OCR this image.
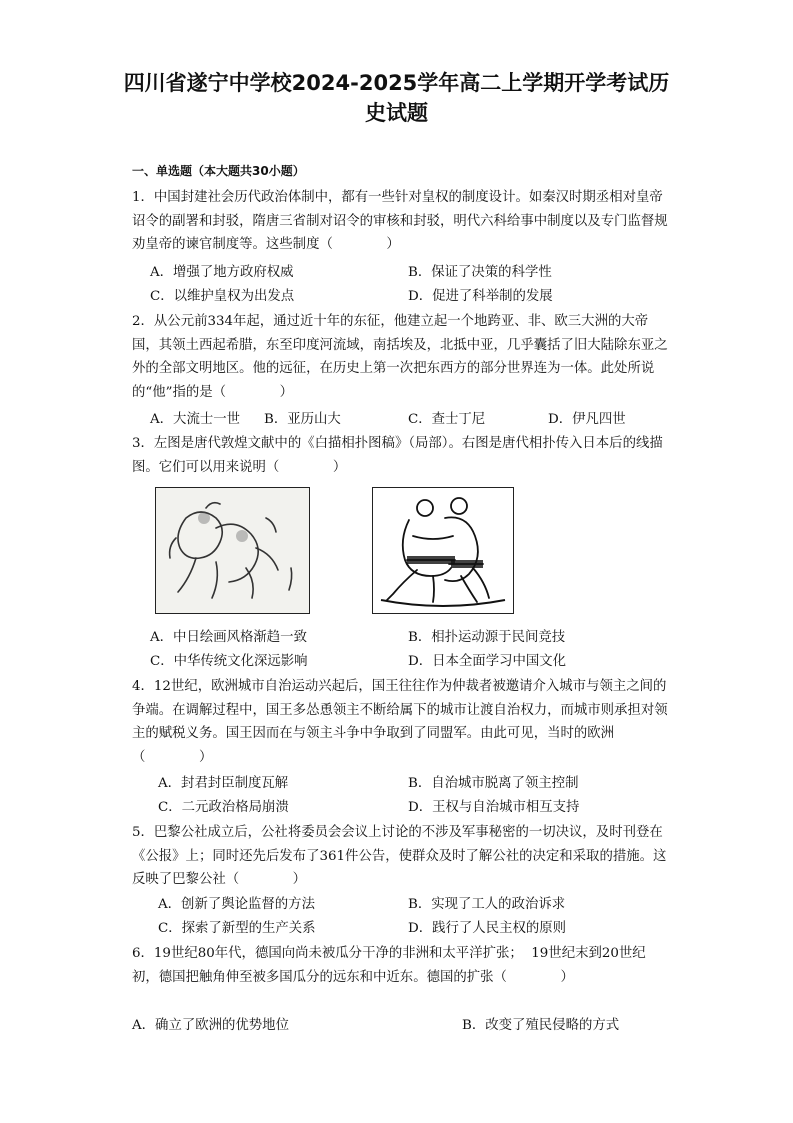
四川省遂宁中学校2024-2025学年高二上学期开学考试历
史试题
一、单选题（本大题共30小题）
1．中国封建社会历代政治体制中，都有一些针对皇权的制度设计。如秦汉时期丞相对皇帝诏令的副署和封驳，隋唐三省制对诏令的审核和封驳，明代六科给事中制度以及专门监督规劝皇帝的谏官制度等。这些制度（　　　　）
A．增强了地方政府权威	B．保证了决策的科学性
C．以维护皇权为出发点	D．促进了科举制的发展
2．从公元前334年起，通过近十年的东征，他建立起一个地跨亚、非、欧三大洲的大帝国，其领土西起希腊，东至印度河流域，南括埃及，北抵中亚，几乎囊括了旧大陆除东亚之外的全部文明地区。他的远征，在历史上第一次把东西方的部分世界连为一体。此处所说的“他”指的是（　　　　）
A．大流士一世 B．亚历山大	C．查士丁尼	D．伊凡四世
3．左图是唐代敦煌文献中的《白描相扑图稿》（局部）。右图是唐代相扑传入日本后的线描图。它们可以用来说明（　　　　）
A．中日绘画风格渐趋一致	B．相扑运动源于民间竞技
C．中华传统文化深远影响	D．日本全面学习中国文化
4．12世纪，欧洲城市自治运动兴起后，国王往往作为仲裁者被邀请介入城市与领主之间的争端。在调解过程中，国王多怂恿领主不断给属下的城市让渡自治权力，而城市则承担对领主的赋税义务。国王因而在与领主斗争中争取到了同盟军。由此可见，当时的欧洲（　　　　）
A．封君封臣制度瓦解	B．自治城市脱离了领主控制
C．二元政治格局崩溃	D．王权与自治城市相互支持
5．巴黎公社成立后，公社将委员会会议上讨论的不涉及军事秘密的一切决议，及时刊登在《公报》上；同时还先后发布了361件公告，使群众及时了解公社的决定和采取的措施。这反映了巴黎公社（　　　　）
A．创新了舆论监督的方法	B．实现了工人的政治诉求
C．探索了新型的生产关系	D．践行了人民主权的原则
6．19世纪80年代，德国向尚未被瓜分干净的非洲和太平洋扩张；  19世纪末到20世纪初，德国把触角伸至被多国瓜分的远东和中近东。德国的扩张（　　　　）
A．确立了欧洲的优势地位	B．改变了殖民侵略的方式
